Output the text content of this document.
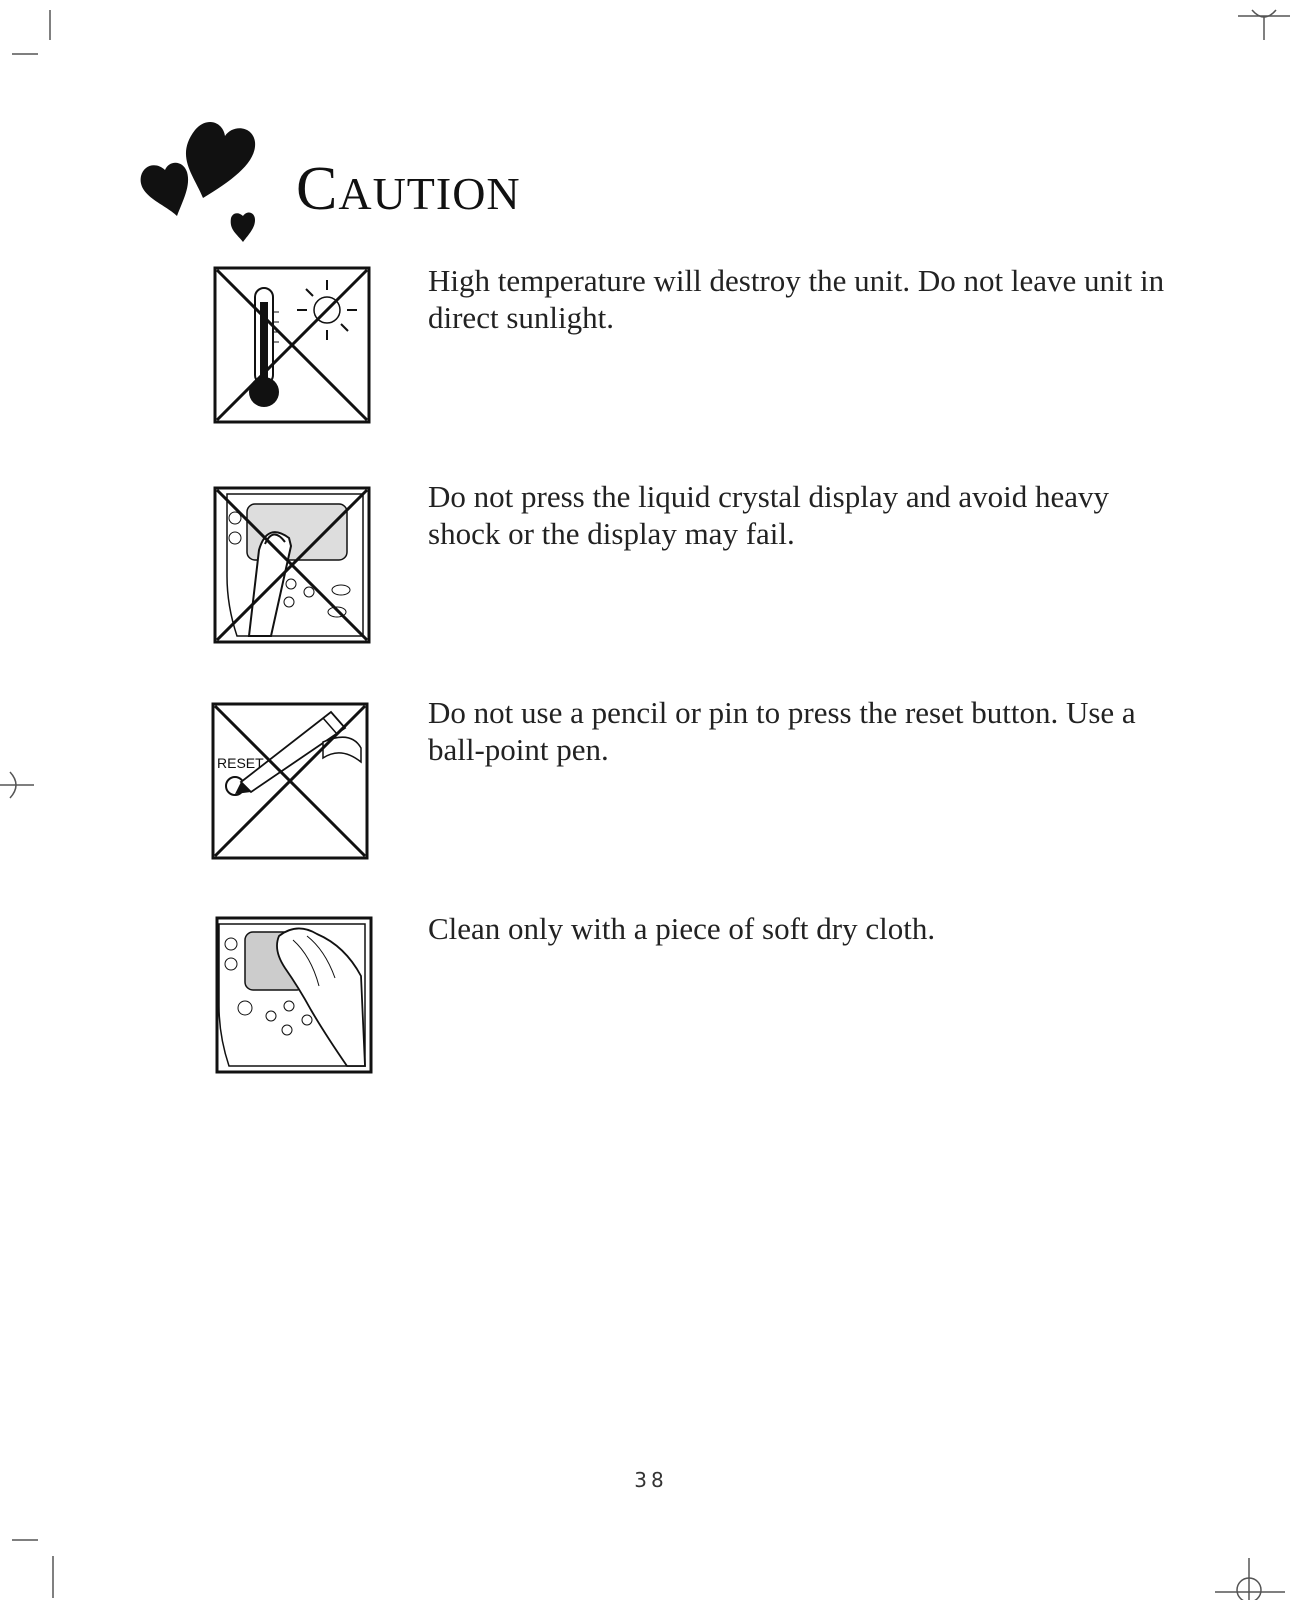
CAUTION

High temperature will destroy the unit. Do not leave unit in direct sunlight.

Do not press the liquid crystal display and avoid heavy shock or the display may fail.

RESET

Do not use a pencil or pin to press the reset button. Use a ball-point pen.

Clean only with a piece of soft dry cloth.

38
